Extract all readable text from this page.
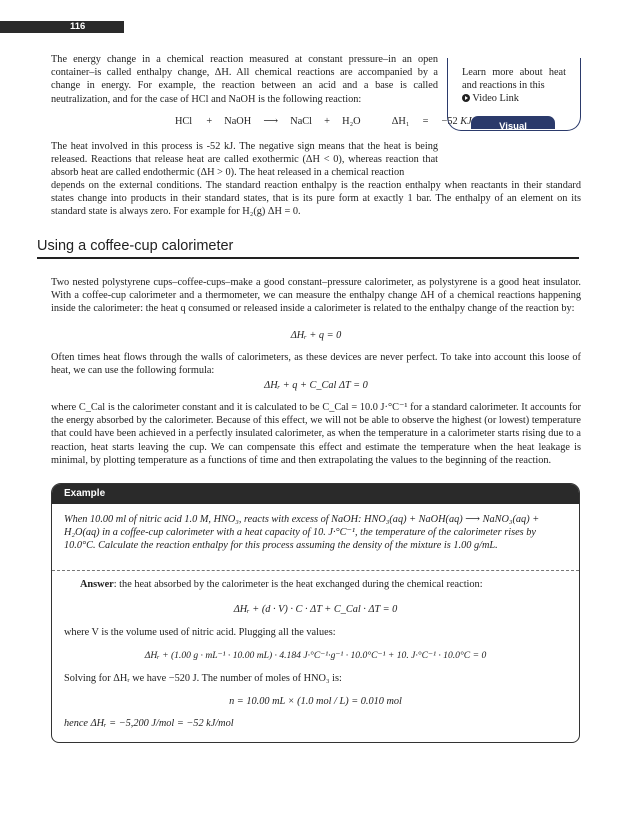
116
Learn more about heat and reactions in this

Video Link
Visual

The energy change in a chemical reaction measured at constant pressure–in an open container–is called enthalpy change, ΔH. All chemical reactions are accompanied by a change in energy. For example, the reaction between an acid and a base is called neutralization, and for the case of HCl and NaOH is the following reaction:

HCl + NaOH ⟶ NaCl + H₂O	ΔH₁ = −52 KJ

The heat involved in this process is -52 kJ. The negative sign means that the heat is being released. Reactions that release heat are called exothermic (ΔH < 0), whereas reaction that absorb heat are called endothermic (ΔH > 0). The heat released in a chemical reaction

depends on the external conditions. The standard reaction enthalpy is the reaction enthalpy when reactants in their standard states change into products in their standard states, that is its pure form at exactly 1 bar. The enthalpy of an element on its standard state is always zero. For example for H₂(g) ΔH = 0.

Using a coffee-cup calorimeter

Two nested polystyrene cups–coffee-cups–make a good constant–pressure calorimeter, as polystyrene is a good heat insulator. With a coffee-cup calorimeter and a thermometer, we can measure the enthalpy change ΔH of a chemical reactions happening inside the calorimeter: the heat q consumed or released inside a calorimeter is related to the enthalpy change of the reaction by:

ΔHᵣ + q = 0

Often times heat flows through the walls of calorimeters, as these devices are never perfect. To take into account this loose of heat, we can use the following formula:

ΔHᵣ + q + C_Cal ΔT = 0

where C_Cal is the calorimeter constant and it is calculated to be C_Cal = 10.0 J·°C⁻¹ for a standard calorimeter. It accounts for the energy absorbed by the calorimeter. Because of this effect, we will not be able to observe the highest (or lowest) temperature that could have been achieved in a perfectly insulated calorimeter, as when the temperature in a calorimeter starts rising due to a reaction, heat starts leaving the cup. We can compensate this effect and estimate the temperature when the heat leakage is minimal, by plotting temperature as a functions of time and then extrapolating the values to the beginning of the reaction.

Example

When 10.00 ml of nitric acid 1.0 M, HNO₃, reacts with excess of NaOH: HNO₃(aq) + NaOH(aq) ⟶ NaNO₃(aq) + H₂O(aq) in a coffee-cup calorimeter with a heat capacity of 10. J·°C⁻¹, the temperature of the calorimeter rises by 10.0°C. Calculate the reaction enthalpy for this process assuming the density of the mixture is 1.00 g/mL.

Answer: the heat absorbed by the calorimeter is the heat exchanged during the chemical reaction:

ΔHᵣ + (d · V) · C · ΔT + C_Cal · ΔT = 0

where V is the volume used of nitric acid. Plugging all the values:

ΔHᵣ + (1.00 g · mL⁻¹ · 10.00 mL) · 4.184 J·°C⁻¹·g⁻¹ · 10.0°C⁻¹ + 10. J·°C⁻¹ · 10.0°C = 0

Solving for ΔHᵣ we have −520 J. The number of moles of HNO₃ is:

n = 10.00 mL × (1.0 mol / L) = 0.010 mol

hence ΔHᵣ = −5,200 J/mol = −52 kJ/mol
